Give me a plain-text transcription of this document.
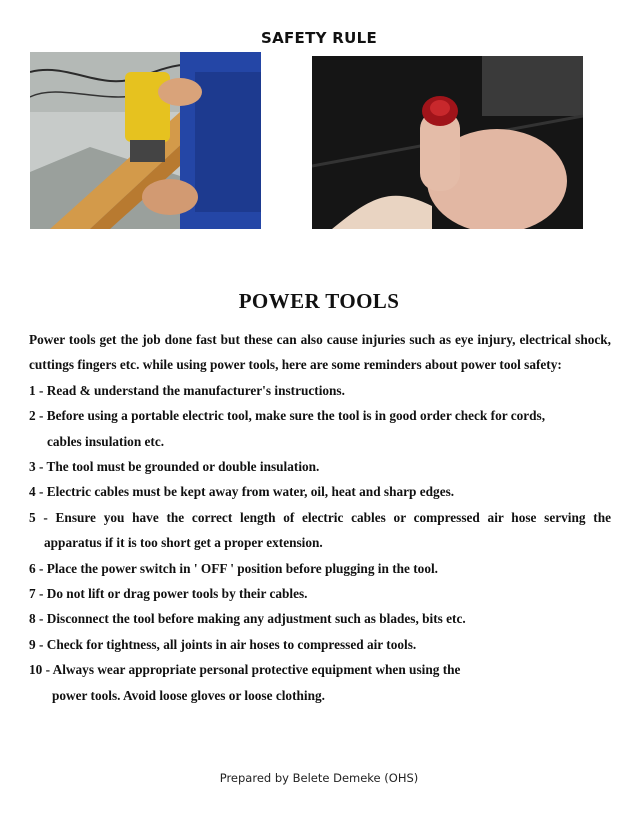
SAFETY RULE
POWER TOOLS

Power tools get the job done fast but these can also cause injuries such as eye injury, electrical shock, cuttings fingers etc. while using power tools, here are some reminders about power tool safety:

1 - Read & understand the manufacturer's instructions.
2 - Before using a portable electric tool, make sure the tool is in good order check for cords,
cables insulation etc.
3 - The tool must be grounded or double insulation.
4 - Electric cables must be kept away from water, oil, heat and sharp edges.
5 - Ensure you have the correct length of electric cables or compressed air hose serving the
apparatus if it is too short get a proper extension.
6 - Place the power switch in ' OFF ' position before plugging in the tool.
7 - Do not lift or drag power tools by their cables.
8 - Disconnect the tool before making any adjustment such as blades, bits etc.
9 - Check for tightness, all joints in air hoses to compressed air tools.
10 - Always wear appropriate personal protective equipment when using the
power tools. Avoid loose gloves or loose clothing.
Prepared by Belete Demeke (OHS)
